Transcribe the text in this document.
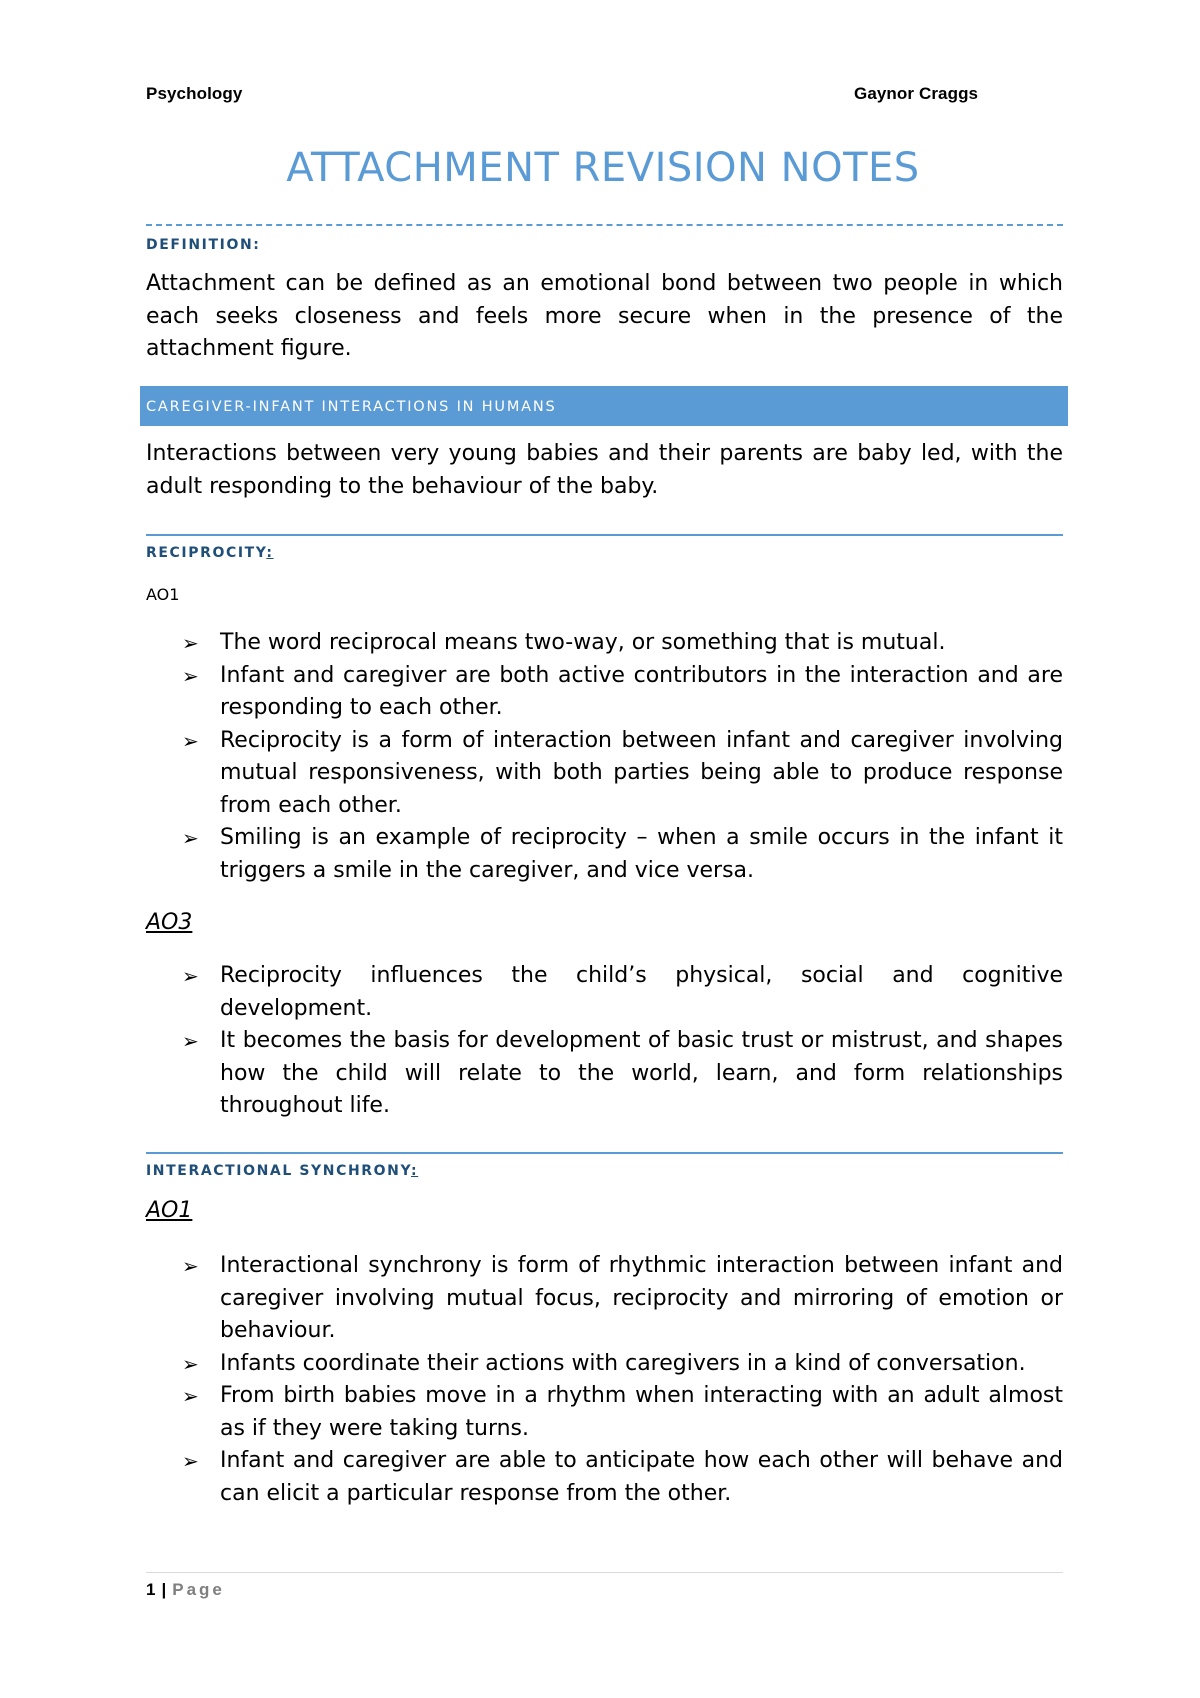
Psychology	Gaynor Craggs
ATTACHMENT REVISION NOTES
DEFINITION:
Attachment can be defined as an emotional bond between two people in which each seeks closeness and feels more secure when in the presence of the attachment figure.
CAREGIVER-INFANT INTERACTIONS IN HUMANS
Interactions between very young babies and their parents are baby led, with the adult responding to the behaviour of the baby.
RECIPROCITY:
AO1
➢ The word reciprocal means two-way, or something that is mutual.
➢ Infant and caregiver are both active contributors in the interaction and are responding to each other.
➢ Reciprocity is a form of interaction between infant and caregiver involving mutual responsiveness, with both parties being able to produce response from each other.
➢ Smiling is an example of reciprocity – when a smile occurs in the infant it triggers a smile in the caregiver, and vice versa.
AO3
➢ Reciprocity influences the child’s physical, social and cognitive development.
➢ It becomes the basis for development of basic trust or mistrust, and shapes how the child will relate to the world, learn, and form relationships throughout life.
INTERACTIONAL SYNCHRONY:
AO1
➢ Interactional synchrony is form of rhythmic interaction between infant and caregiver involving mutual focus, reciprocity and mirroring of emotion or behaviour.
➢ Infants coordinate their actions with caregivers in a kind of conversation.
➢ From birth babies move in a rhythm when interacting with an adult almost as if they were taking turns.
➢ Infant and caregiver are able to anticipate how each other will behave and can elicit a particular response from the other.
1 | Page
